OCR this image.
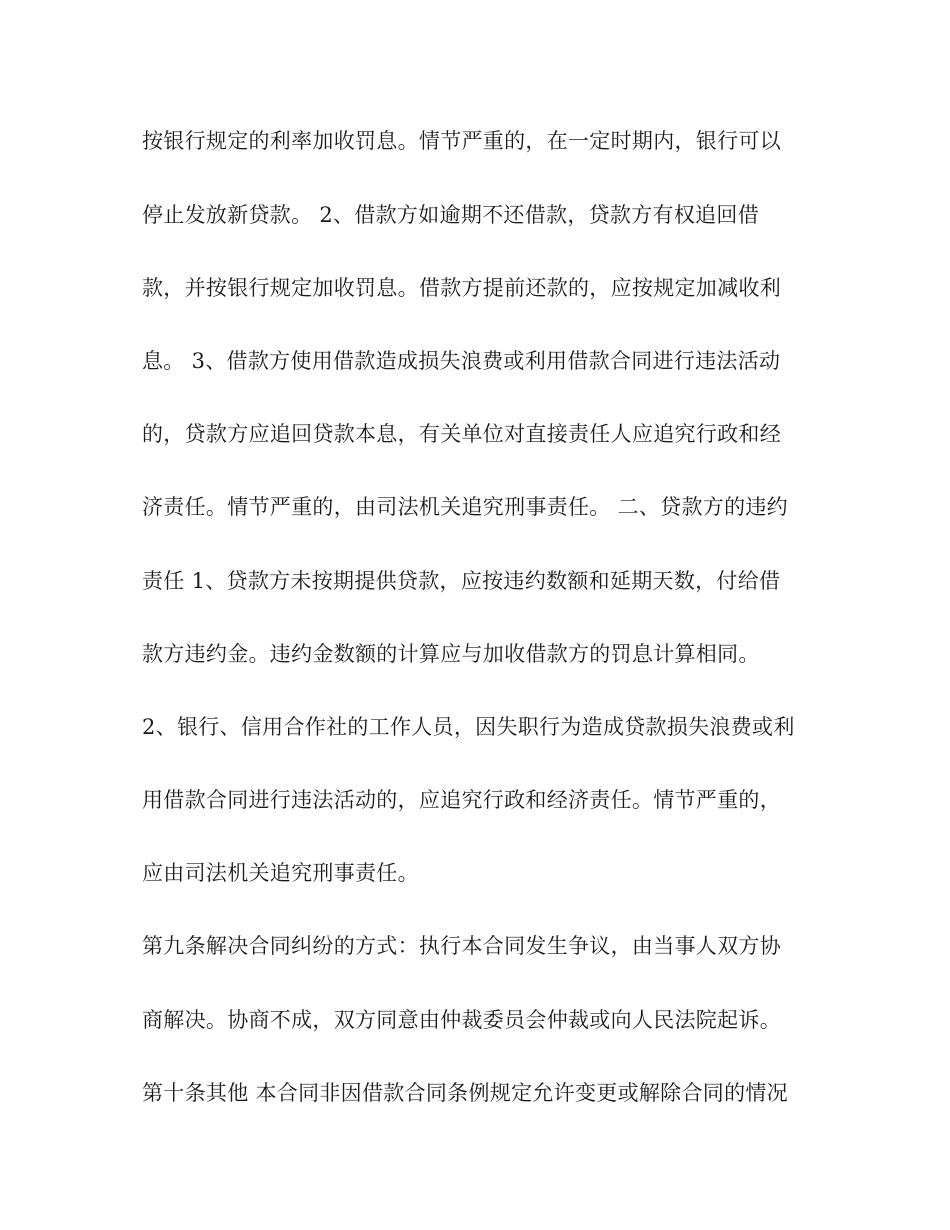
按银行规定的利率加收罚息。情节严重的，在一定时期内，银行可以
停止发放新贷款。 2、借款方如逾期不还借款，贷款方有权追回借
款，并按银行规定加收罚息。借款方提前还款的，应按规定加减收利
息。 3、借款方使用借款造成损失浪费或利用借款合同进行违法活动
的，贷款方应追回贷款本息，有关单位对直接责任人应追究行政和经
济责任。情节严重的，由司法机关追究刑事责任。 二、贷款方的违约
责任 1、贷款方未按期提供贷款，应按违约数额和延期天数，付给借
款方违约金。违约金数额的计算应与加收借款方的罚息计算相同。
2、银行、信用合作社的工作人员，因失职行为造成贷款损失浪费或利
用借款合同进行违法活动的，应追究行政和经济责任。情节严重的，
应由司法机关追究刑事责任。
第九条解决合同纠纷的方式：执行本合同发生争议，由当事人双方协
商解决。协商不成，双方同意由仲裁委员会仲裁或向人民法院起诉。
第十条其他 本合同非因借款合同条例规定允许变更或解除合同的情况
